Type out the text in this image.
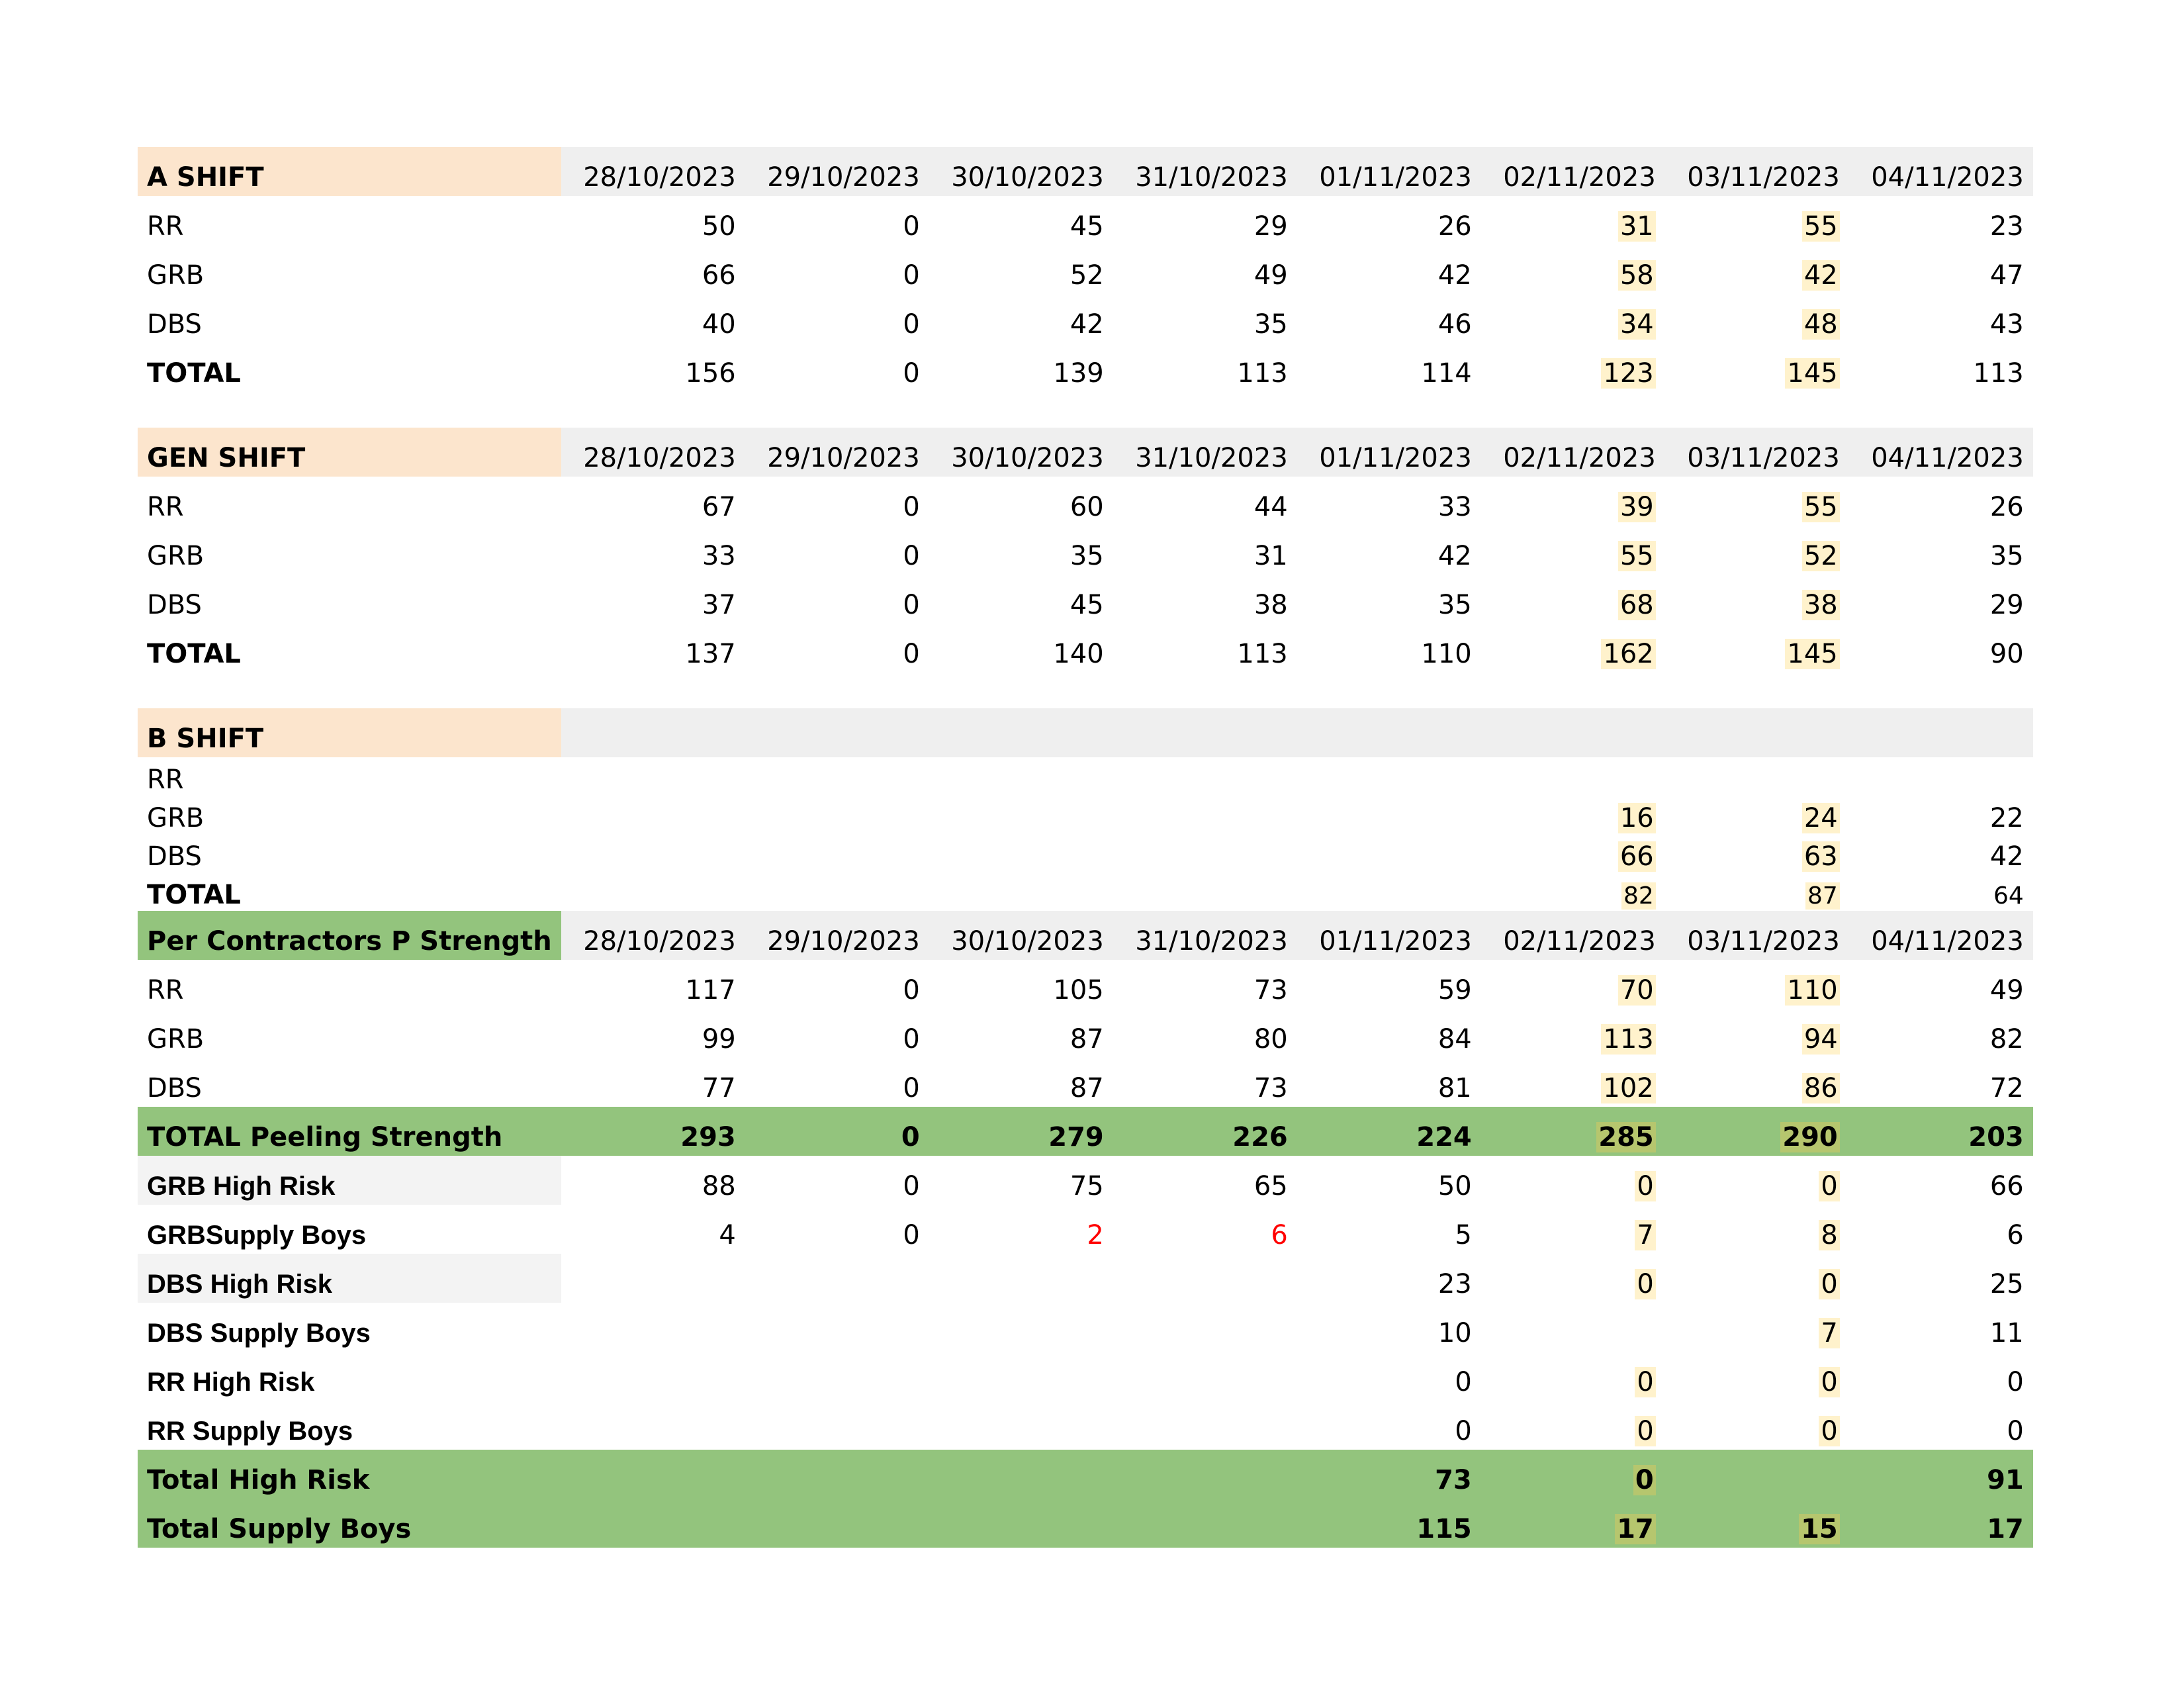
A SHIFT	28/10/2023	29/10/2023	30/10/2023	31/10/2023	01/11/2023	02/11/2023	03/11/2023	04/11/2023
RR	50	0	45	29	26	31	55	23
GRB	66	0	52	49	42	58	42	47
DBS	40	0	42	35	46	34	48	43
TOTAL	156	0	139	113	114	123	145	113

GEN SHIFT	28/10/2023	29/10/2023	30/10/2023	31/10/2023	01/11/2023	02/11/2023	03/11/2023	04/11/2023
RR	67	0	60	44	33	39	55	26
GRB	33	0	35	31	42	55	52	35
DBS	37	0	45	38	35	68	38	29
TOTAL	137	0	140	113	110	162	145	90

B SHIFT								
RR								
GRB						16	24	22
DBS						66	63	42
TOTAL						82	87	64
Per Contractors P Strength	28/10/2023	29/10/2023	30/10/2023	31/10/2023	01/11/2023	02/11/2023	03/11/2023	04/11/2023
RR	117	0	105	73	59	70	110	49
GRB	99	0	87	80	84	113	94	82
DBS	77	0	87	73	81	102	86	72
TOTAL Peeling Strength	293	0	279	226	224	285	290	203
GRB High Risk	88	0	75	65	50	0	0	66
GRBSupply Boys	4	0	2	6	5	7	8	6
DBS High Risk					23	0	0	25
DBS Supply Boys					10		7	11
RR High Risk					0	0	0	0
RR Supply Boys					0	0	0	0
Total High Risk					73	0		91
Total Supply Boys					115	17	15	17
